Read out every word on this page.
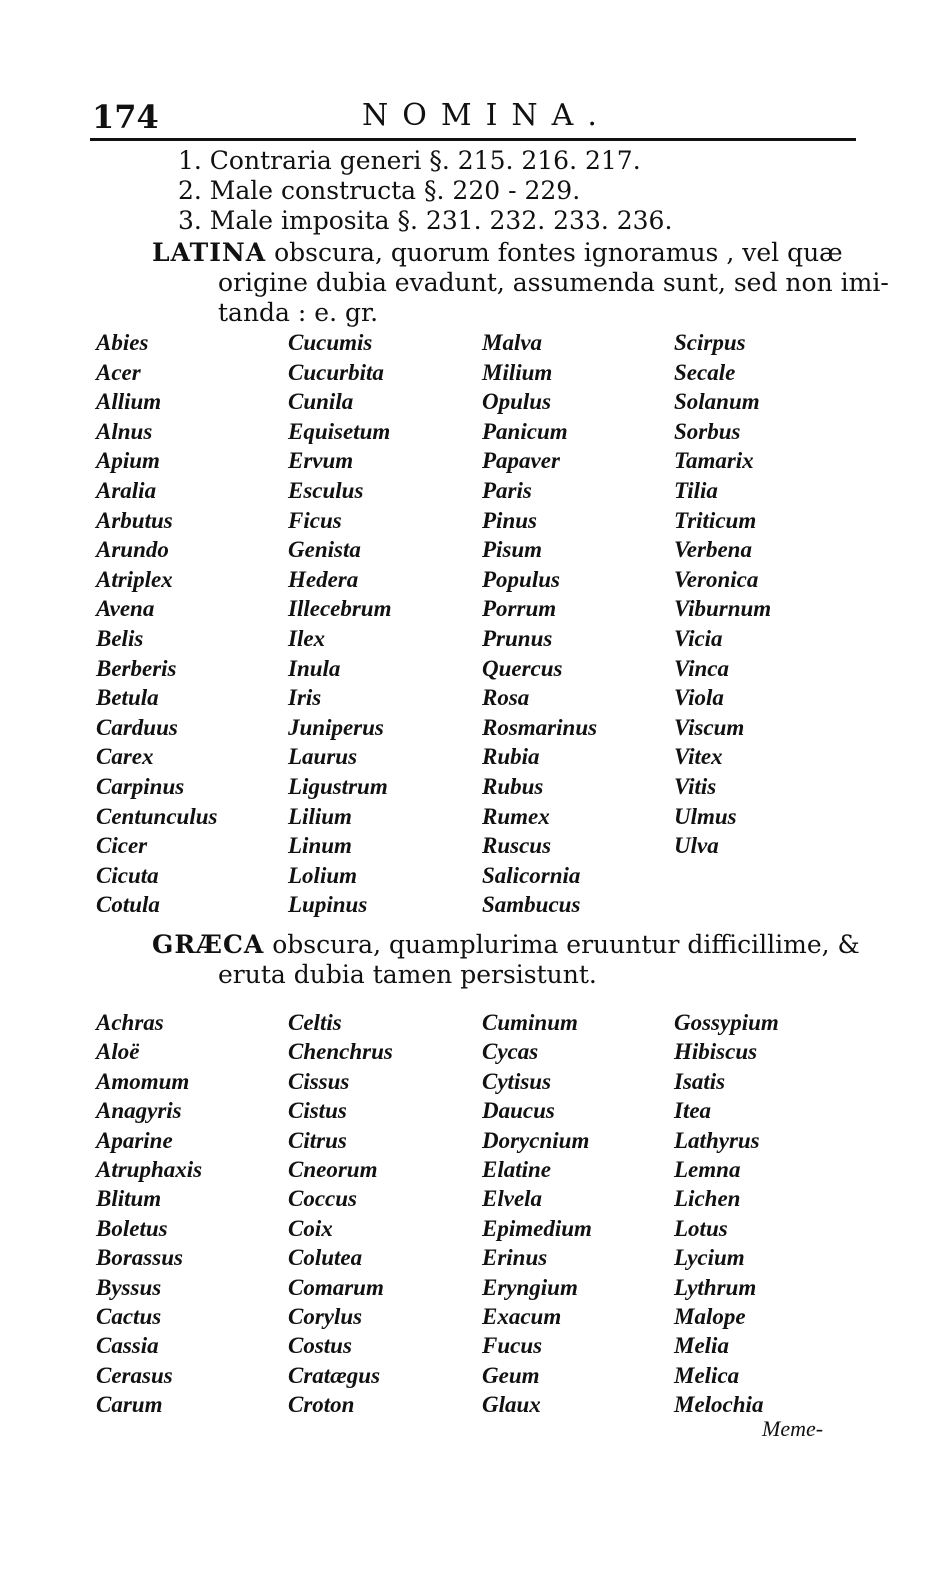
174	NOMINA.
1. Contraria generi §. 215. 216. 217.
2. Male constructa §. 220 - 229.
3. Male imposita §. 231. 232. 233. 236.
LATINA obscura, quorum fontes ignoramus , vel quæ
origine dubia evadunt, assumenda sunt, sed non imi-
tanda : e. gr.
Abies
Acer
Allium
Alnus
Apium
Aralia
Arbutus
Arundo
Atriplex
Avena
Belis
Berberis
Betula
Carduus
Carex
Carpinus
Centunculus
Cicer
Cicuta
Cotula
Cucumis
Cucurbita
Cunila
Equisetum
Ervum
Esculus
Ficus
Genista
Hedera
Illecebrum
Ilex
Inula
Iris
Juniperus
Laurus
Ligustrum
Lilium
Linum
Lolium
Lupinus
Malva
Milium
Opulus
Panicum
Papaver
Paris
Pinus
Pisum
Populus
Porrum
Prunus
Quercus
Rosa
Rosmarinus
Rubia
Rubus
Rumex
Ruscus
Salicornia
Sambucus
Scirpus
Secale
Solanum
Sorbus
Tamarix
Tilia
Triticum
Verbena
Veronica
Viburnum
Vicia
Vinca
Viola
Viscum
Vitex
Vitis
Ulmus
Ulva
GRÆCA obscura, quamplurima eruuntur difficillime, &
eruta dubia tamen persistunt.
Achras
Aloë
Amomum
Anagyris
Aparine
Atruphaxis
Blitum
Boletus
Borassus
Byssus
Cactus
Cassia
Cerasus
Carum
Celtis
Chenchrus
Cissus
Cistus
Citrus
Cneorum
Coccus
Coix
Colutea
Comarum
Corylus
Costus
Cratægus
Croton
Cuminum
Cycas
Cytisus
Daucus
Dorycnium
Elatine
Elvela
Epimedium
Erinus
Eryngium
Exacum
Fucus
Geum
Glaux
Gossypium
Hibiscus
Isatis
Itea
Lathyrus
Lemna
Lichen
Lotus
Lycium
Lythrum
Malope
Melia
Melica
Melochia
Meme-
